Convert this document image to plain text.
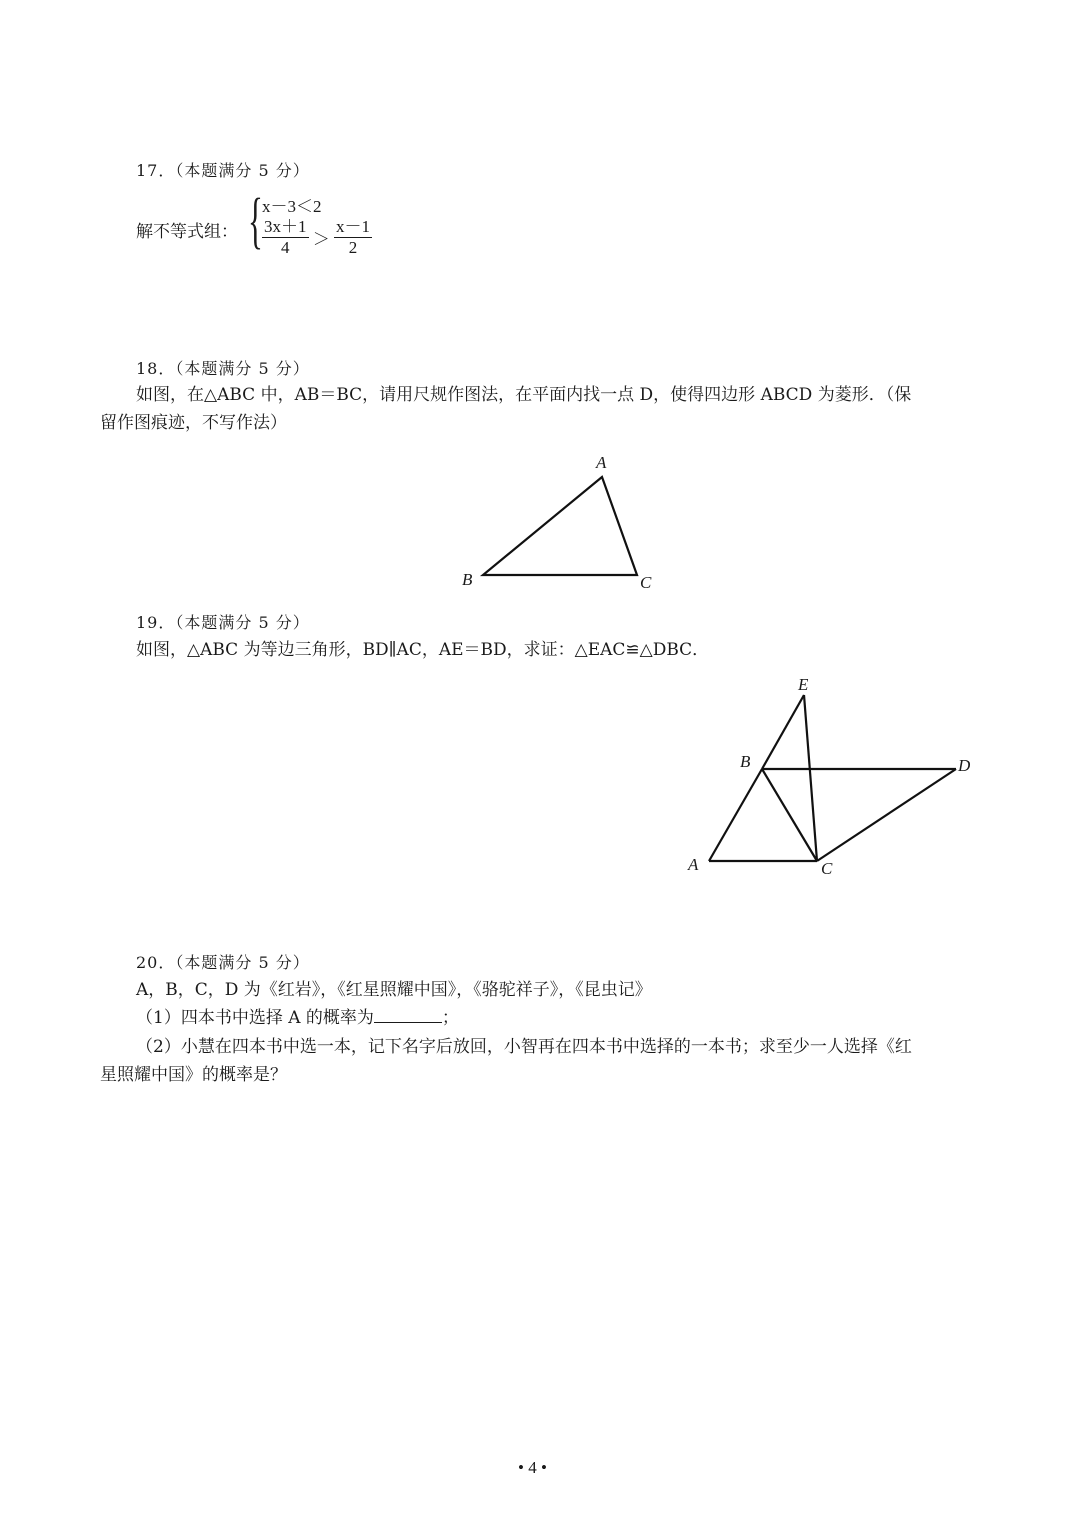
17．（本题满分 5 分）
解不等式组： { x－3＜2
$\frac{3x+1}{4} > \frac{x-1}{2}$
18．（本题满分 5 分）
如图，在△ABC 中，AB＝BC，请用尺规作图法，在平面内找一点 D，使得四边形 ABCD 为菱形．（保
留作图痕迹，不写作法）
A
B	C
19．（本题满分 5 分）
如图，△ABC 为等边三角形，BD∥AC，AE＝BD，求证：△EAC≌△DBC．
A
B
C
D
E
20．（本题满分 5 分）
A，B，C，D 为《红岩》，《红星照耀中国》，《骆驼祥子》，《昆虫记》
（1）四本书中选择 A 的概率为	；
（2）小慧在四本书中选一本，记下名字后放回，小智再在四本书中选择的一本书；求至少一人选择《红
星照耀中国》的概率是？
• 4 •
